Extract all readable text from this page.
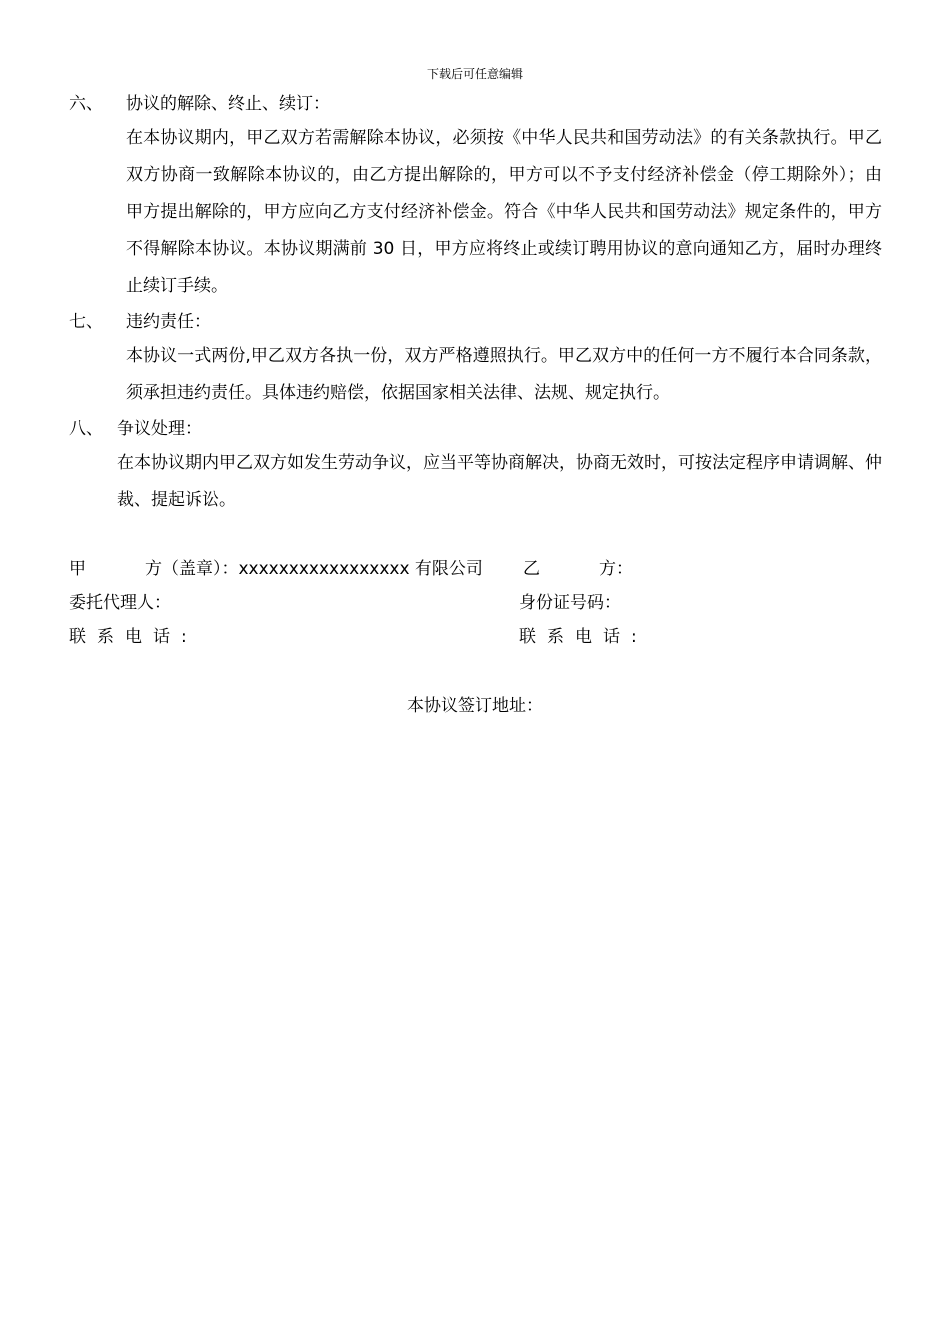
下载后可任意编辑
六、 协议的解除、终止、续订：

在本协议期内，甲乙双方若需解除本协议，必须按《中华人民共和国劳动法》的有关条款执行。甲乙双方协商一致解除本协议的，由乙方提出解除的，甲方可以不予支付经济补偿金（停工期除外）；由甲方提出解除的，甲方应向乙方支付经济补偿金。符合《中华人民共和国劳动法》规定条件的，甲方不得解除本协议。本协议期满前 30 日，甲方应将终止或续订聘用协议的意向通知乙方，届时办理终止续订手续。

七、 违约责任：

本协议一式两份,甲乙双方各执一份，双方严格遵照执行。甲乙双方中的任何一方不履行本合同条款，须承担违约责任。具体违约赔偿，依据国家相关法律、法规、规定执行。

八、 争议处理：

在本协议期内甲乙双方如发生劳动争议，应当平等协商解决，协商无效时，可按法定程序申请调解、仲裁、提起诉讼。

甲	方（盖章）：xxxxxxxxxxxxxxxxx 有限公司 乙	方：
委托代理人：	身份证号码：
联系电话:	联系电话:
本协议签订地址：
